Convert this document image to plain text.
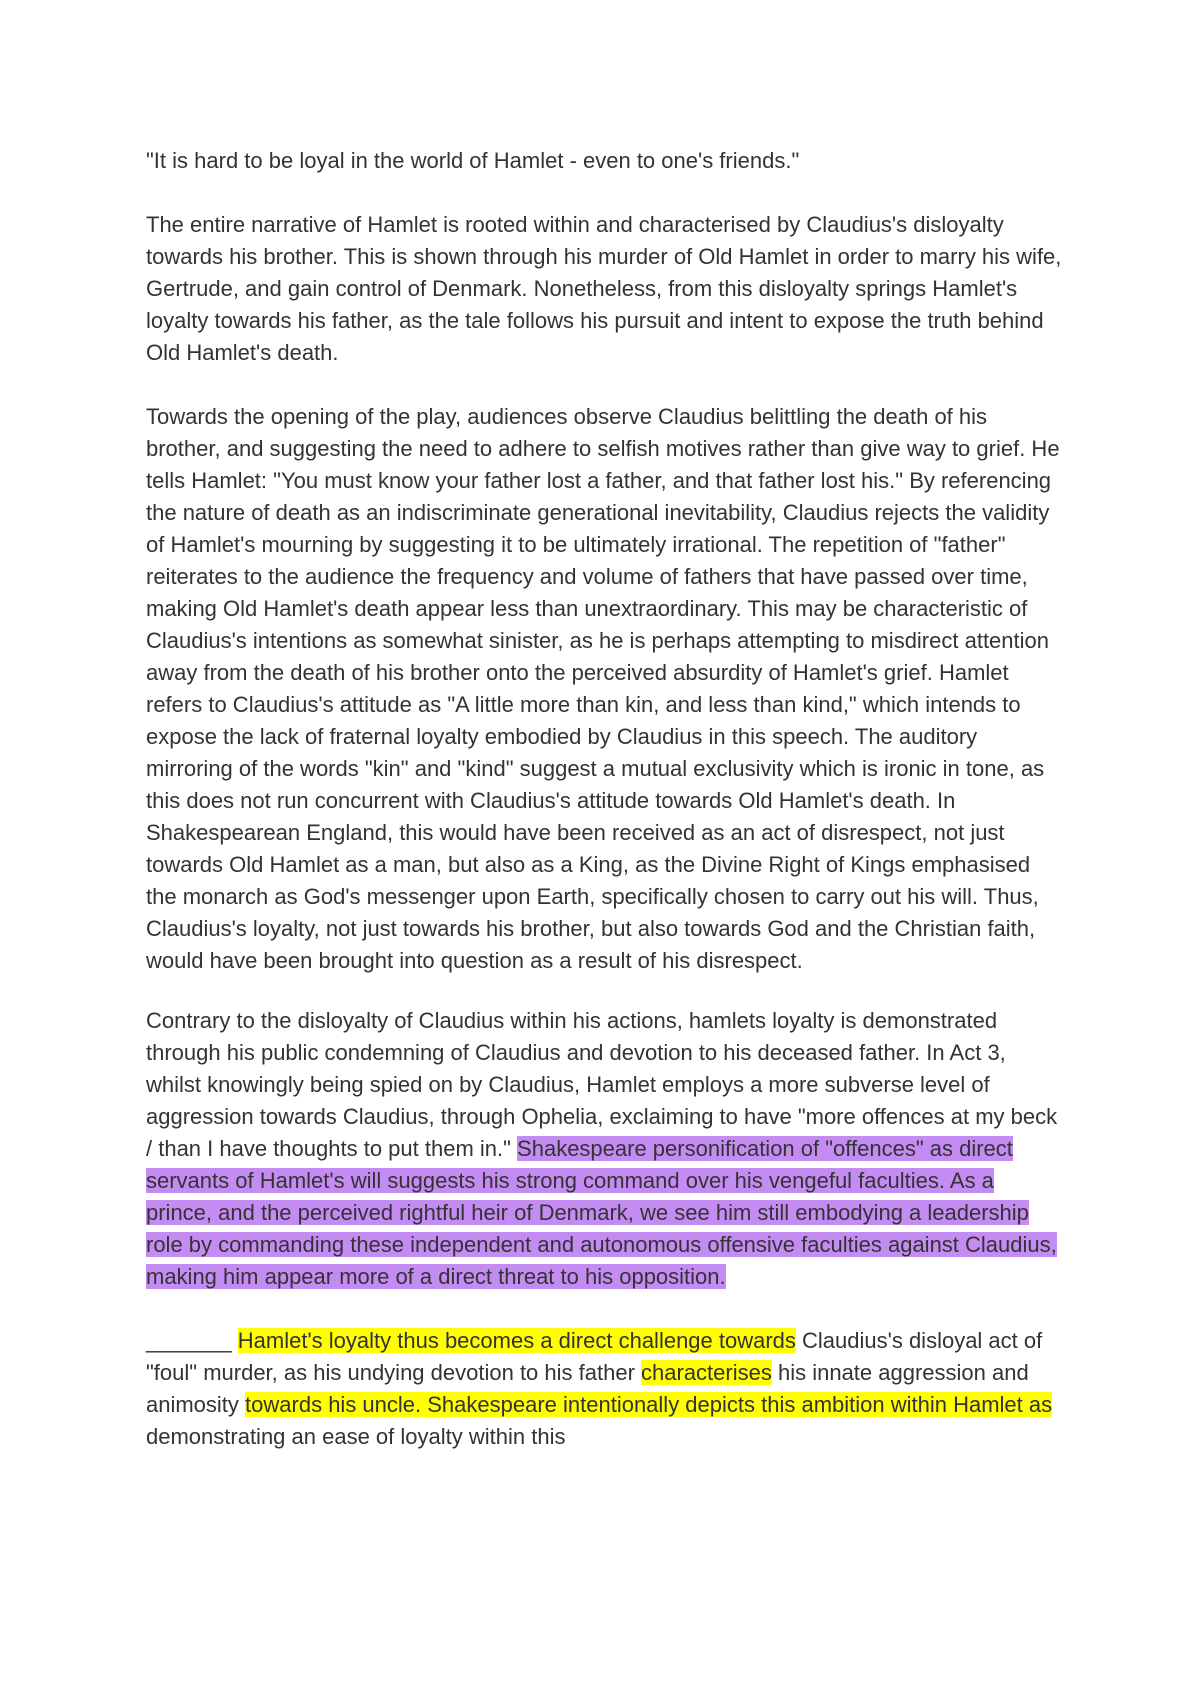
"It is hard to be loyal in the world of Hamlet - even to one's friends."

The entire narrative of Hamlet is rooted within and characterised by Claudius's disloyalty towards his brother. This is shown through his murder of Old Hamlet in order to marry his wife, Gertrude, and gain control of Denmark. Nonetheless, from this disloyalty springs Hamlet's loyalty towards his father, as the tale follows his pursuit and intent to expose the truth behind Old Hamlet's death.

Towards the opening of the play, audiences observe Claudius belittling the death of his brother, and suggesting the need to adhere to selfish motives rather than give way to grief. He tells Hamlet: "You must know your father lost a father, and that father lost his." By referencing the nature of death as an indiscriminate generational inevitability, Claudius rejects the validity of Hamlet's mourning by suggesting it to be ultimately irrational. The repetition of "father" reiterates to the audience the frequency and volume of fathers that have passed over time, making Old Hamlet's death appear less than unextraordinary. This may be characteristic of Claudius's intentions as somewhat sinister, as he is perhaps attempting to misdirect attention away from the death of his brother onto the perceived absurdity of Hamlet's grief. Hamlet refers to Claudius's attitude as "A little more than kin, and less than kind," which intends to expose the lack of fraternal loyalty embodied by Claudius in this speech. The auditory mirroring of the words "kin" and "kind" suggest a mutual exclusivity which is ironic in tone, as this does not run concurrent with Claudius's attitude towards Old Hamlet's death. In Shakespearean England, this would have been received as an act of disrespect, not just towards Old Hamlet as a man, but also as a King, as the Divine Right of Kings emphasised the monarch as God's messenger upon Earth, specifically chosen to carry out his will. Thus, Claudius's loyalty, not just towards his brother, but also towards God and the Christian faith, would have been brought into question as a result of his disrespect.

Contrary to the disloyalty of Claudius within his actions, hamlets loyalty is demonstrated through his public condemning of Claudius and devotion to his deceased father. In Act 3, whilst knowingly being spied on by Claudius, Hamlet employs a more subverse level of aggression towards Claudius, through Ophelia, exclaiming to have "more offences at my beck / than I have thoughts to put them in." Shakespeare personification of "offences" as direct servants of Hamlet's will suggests his strong command over his vengeful faculties. As a prince, and the perceived rightful heir of Denmark, we see him still embodying a leadership role by commanding these independent and autonomous offensive faculties against Claudius, making him appear more of a direct threat to his opposition.

_______ Hamlet's loyalty thus becomes a direct challenge towards Claudius's disloyal act of "foul" murder, as his undying devotion to his father characterises his innate aggression and animosity towards his uncle. Shakespeare intentionally depicts this ambition within Hamlet as demonstrating an ease of loyalty within this
